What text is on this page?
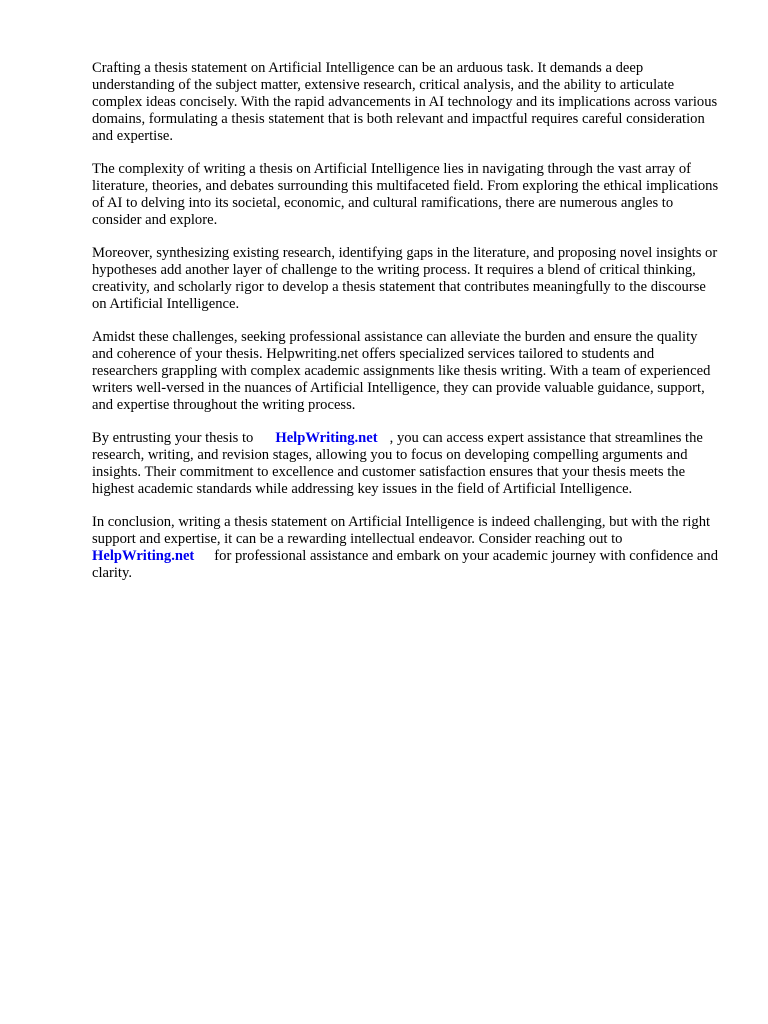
Crafting a thesis statement on Artificial Intelligence can be an arduous task. It demands a deep understanding of the subject matter, extensive research, critical analysis, and the ability to articulate complex ideas concisely. With the rapid advancements in AI technology and its implications across various domains, formulating a thesis statement that is both relevant and impactful requires careful consideration and expertise.

The complexity of writing a thesis on Artificial Intelligence lies in navigating through the vast array of literature, theories, and debates surrounding this multifaceted field. From exploring the ethical implications of AI to delving into its societal, economic, and cultural ramifications, there are numerous angles to consider and explore.

Moreover, synthesizing existing research, identifying gaps in the literature, and proposing novel insights or hypotheses add another layer of challenge to the writing process. It requires a blend of critical thinking, creativity, and scholarly rigor to develop a thesis statement that contributes meaningfully to the discourse on Artificial Intelligence.

Amidst these challenges, seeking professional assistance can alleviate the burden and ensure the quality and coherence of your thesis. Helpwriting.net offers specialized services tailored to students and researchers grappling with complex academic assignments like thesis writing. With a team of experienced writers well-versed in the nuances of Artificial Intelligence, they can provide valuable guidance, support, and expertise throughout the writing process.

By entrusting your thesis to HelpWriting.net , you can access expert assistance that streamlines the research, writing, and revision stages, allowing you to focus on developing compelling arguments and insights. Their commitment to excellence and customer satisfaction ensures that your thesis meets the highest academic standards while addressing key issues in the field of Artificial Intelligence.

In conclusion, writing a thesis statement on Artificial Intelligence is indeed challenging, but with the right support and expertise, it can be a rewarding intellectual endeavor. Consider reaching out to HelpWriting.net for professional assistance and embark on your academic journey with confidence and clarity.
